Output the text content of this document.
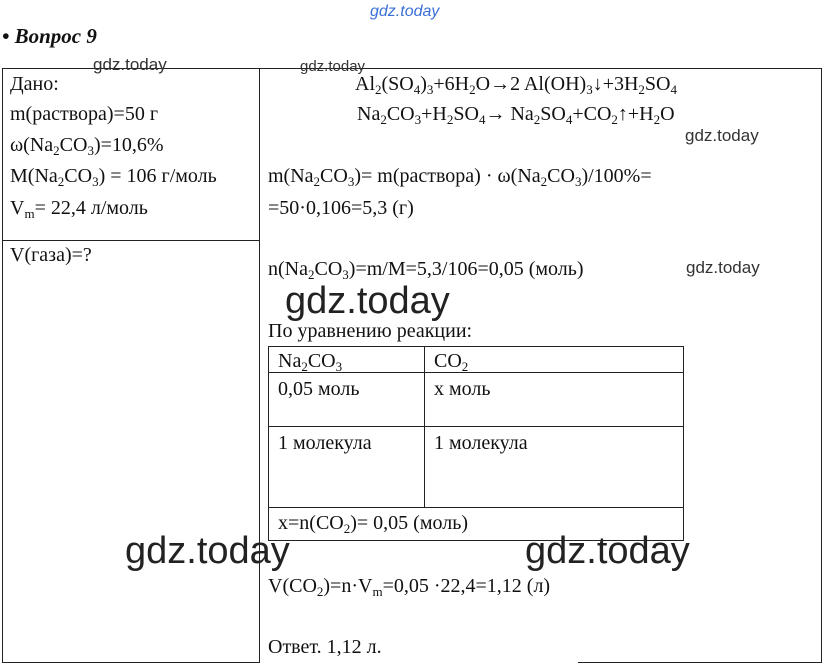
gdz.today
• Вопрос 9
Дано:
m(раствора)=50 г
$\omega(Na_2CO_3)=10,6\%$
$M(Na_2CO_3) = 106$ г/моль
$V_m= 22,4$ л/моль
V(газа)=?
$Al_2(SO_4)_3+6H_2O\to 2$ $Al(OH)_3↓+3H_2SO_4$
$Na_2CO_3+H_2SO_4\to$ $Na_2SO_4+CO_2↑+H_2O$
$m(Na_2CO_3)=$ m(раствора) · $\omega(Na_2CO_3)/100\%=$
=50·0,106=5,3 (г)
$n(Na_2CO_3)=m/M=5,3/106=0,05$ (моль)
По уравнению реакции:
$Na_2CO_3$	$CO_2$
0,05 моль	x моль
1 молекула	1 молекула
$x=n(CO_2)= 0,05$ (моль)
$V(CO_2)=n\cdot V_m=0,05 \cdot 22,4=1,12$ (л)
Ответ. 1,12 л.
gdz.today	gdz.today
gdz.today
gdz.today
gdz.today
gdz.today	gdz.today
